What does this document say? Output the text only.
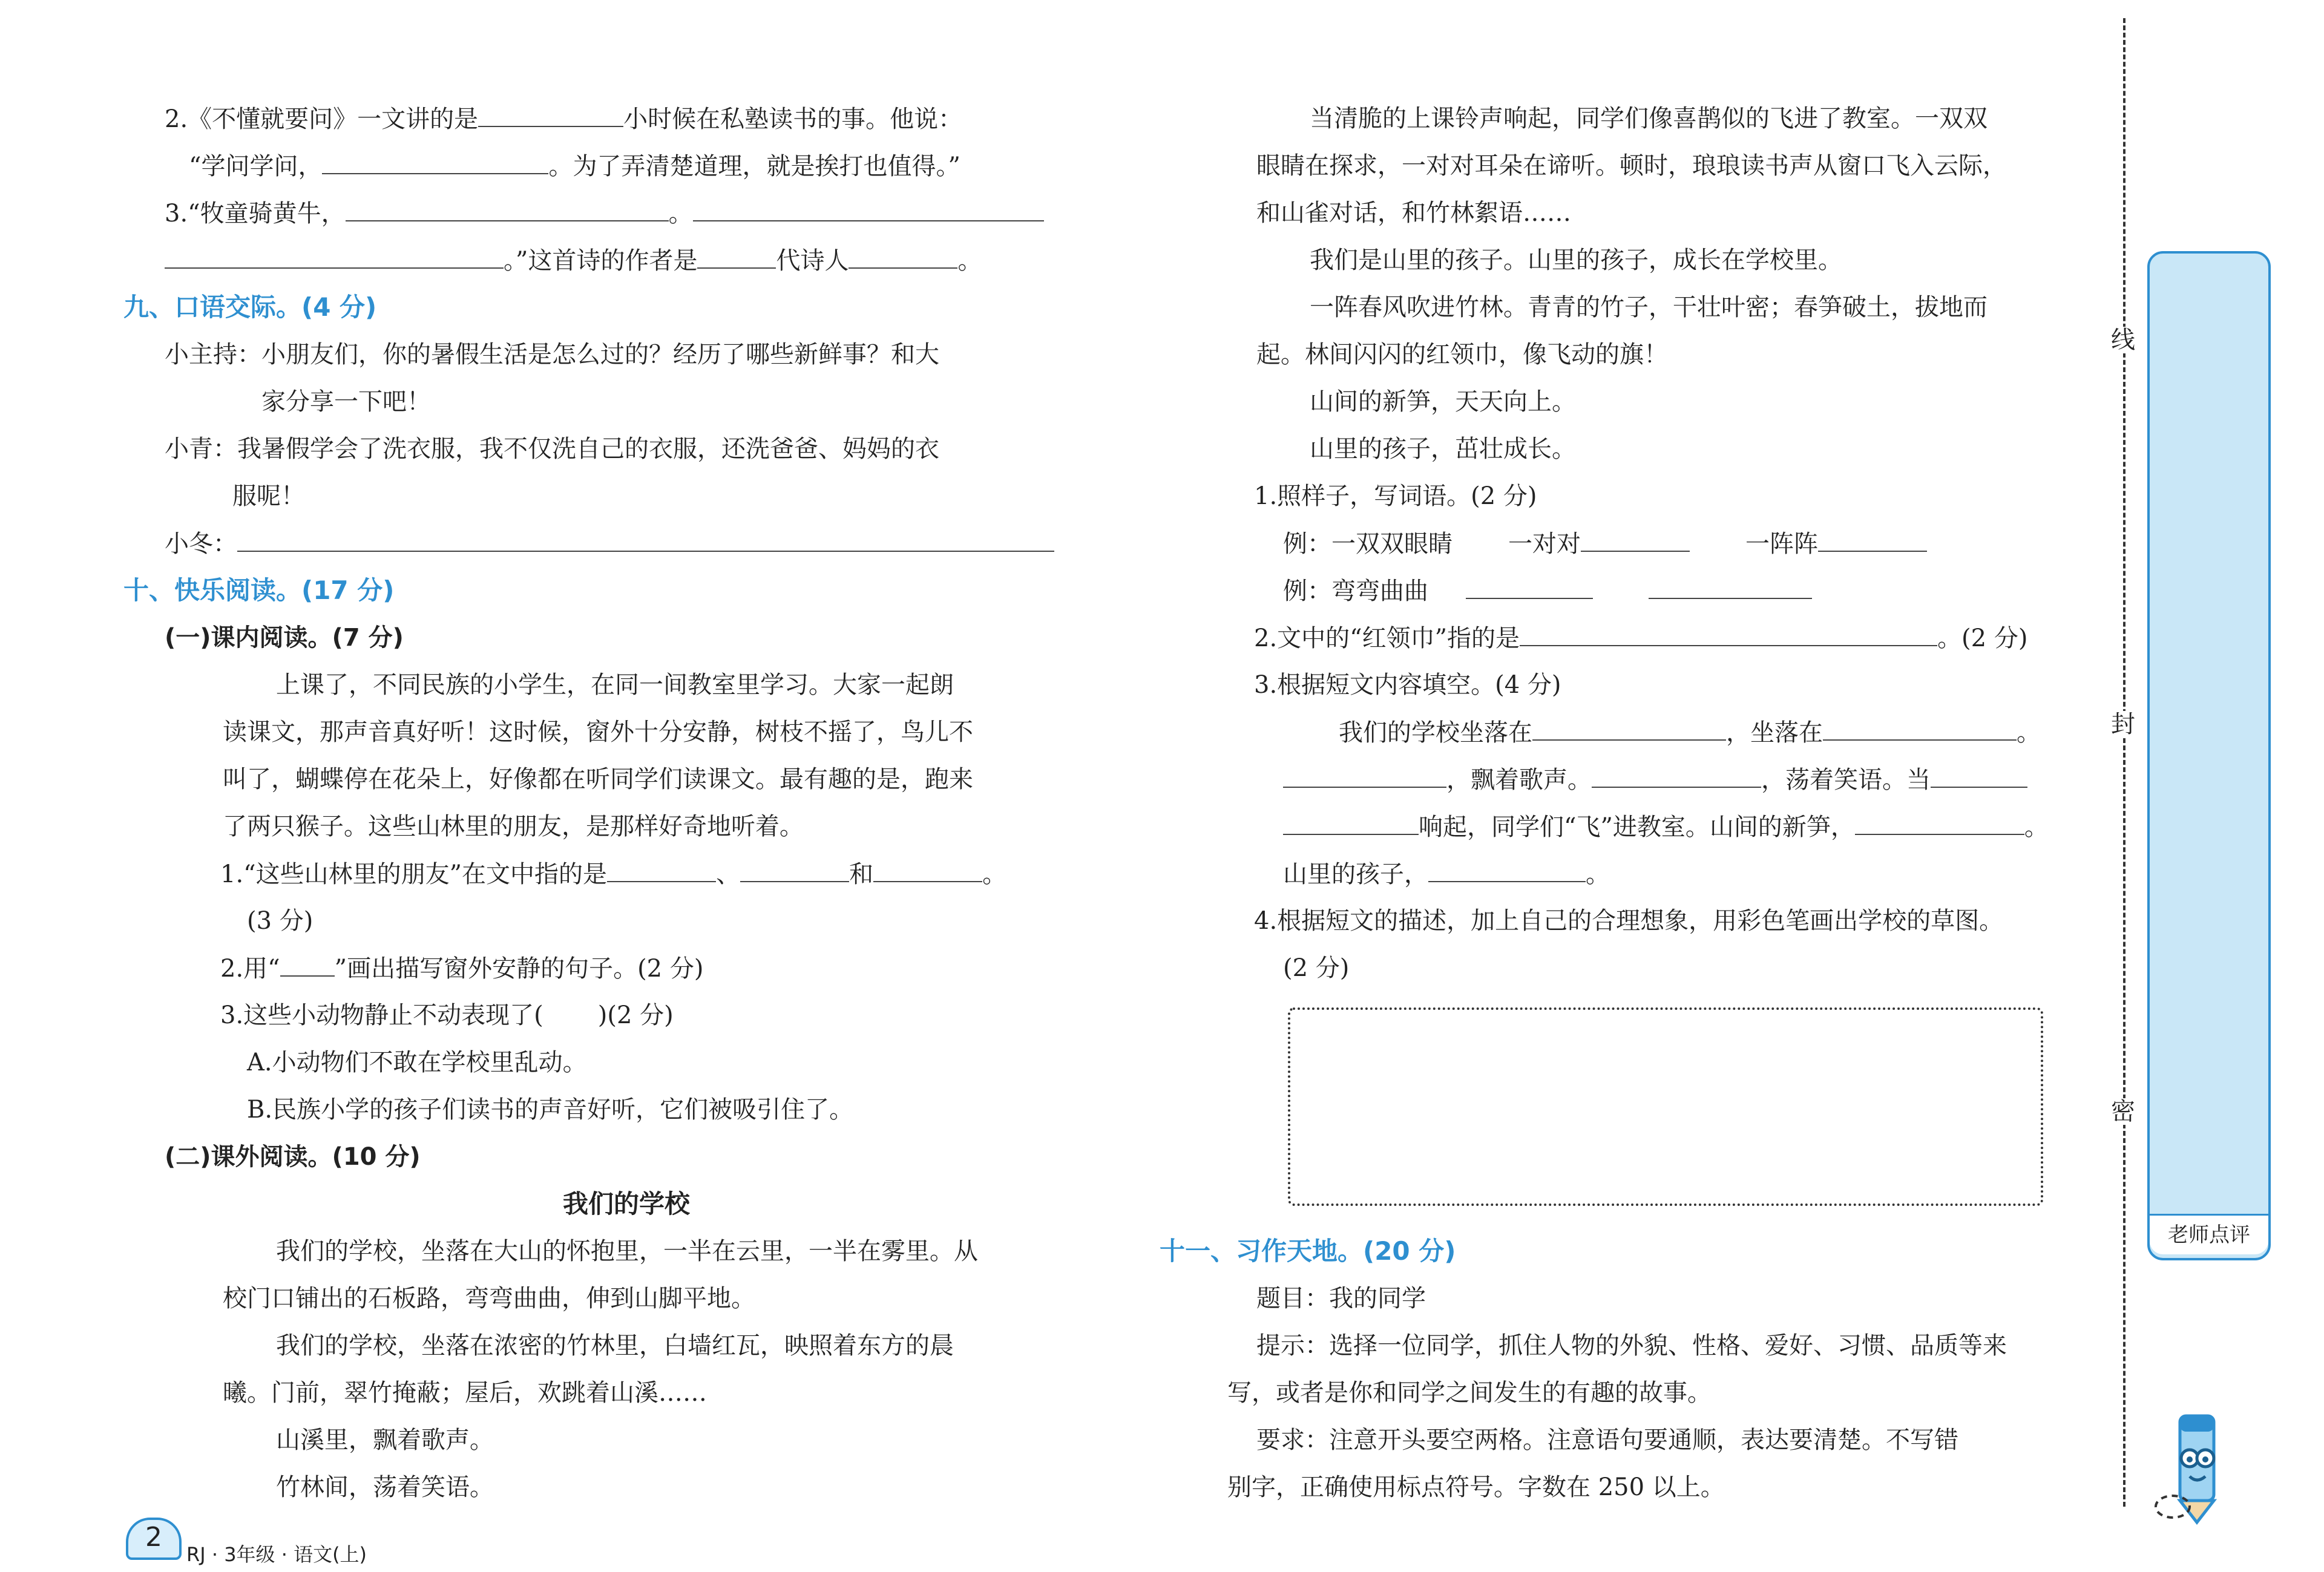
2.《不懂就要问》一文讲的是	小时候在私塾读书的事。他说：
“学问学问，	。为了弄清楚道理，就是挨打也值得。”
3.“牧童骑黄牛，	。
。”这首诗的作者是	代诗人	。
九、口语交际。(4 分)
小主持：小朋友们，你的暑假生活是怎么过的？经历了哪些新鲜事？和大
家分享一下吧！
小青：我暑假学会了洗衣服，我不仅洗自己的衣服，还洗爸爸、妈妈的衣
服呢！
小冬：
十、快乐阅读。(17 分)
(一)课内阅读。(7 分)
上课了，不同民族的小学生，在同一间教室里学习。大家一起朗
读课文，那声音真好听！这时候，窗外十分安静，树枝不摇了，鸟儿不
叫了，蝴蝶停在花朵上，好像都在听同学们读课文。最有趣的是，跑来
了两只猴子。这些山林里的朋友，是那样好奇地听着。
1.“这些山林里的朋友”在文中指的是	、	和	。
(3 分)
2.用“ ”画出描写窗外安静的句子。(2 分)
3.这些小动物静止不动表现了( )(2 分)
A.小动物们不敢在学校里乱动。
B.民族小学的孩子们读书的声音好听，它们被吸引住了。
(二)课外阅读。(10 分)
我们的学校
我们的学校，坐落在大山的怀抱里，一半在云里，一半在雾里。从
校门口铺出的石板路，弯弯曲曲，伸到山脚平地。
我们的学校，坐落在浓密的竹林里，白墙红瓦，映照着东方的晨
曦。门前，翠竹掩蔽；屋后，欢跳着山溪……
山溪里，飘着歌声。
竹林间，荡着笑语。
2
RJ · 3年级 · 语文(上)
当清脆的上课铃声响起，同学们像喜鹊似的飞进了教室。一双双
眼睛在探求，一对对耳朵在谛听。顿时，琅琅读书声从窗口飞入云际，
和山雀对话，和竹林絮语……
我们是山里的孩子。山里的孩子，成长在学校里。
一阵春风吹进竹林。青青的竹子，干壮叶密；春笋破土，拔地而
起。林间闪闪的红领巾，像飞动的旗！
山间的新笋，天天向上。
山里的孩子，茁壮成长。
1.照样子，写词语。(2 分)
例：一双双眼睛 一对对	一阵阵
例：弯弯曲曲
2.文中的“红领巾”指的是	。(2 分)
3.根据短文内容填空。(4 分)
我们的学校坐落在	，坐落在	。
，飘着歌声。	，荡着笑语。当
响起，同学们“飞”进教室。山间的新笋，	。
山里的孩子，	。
4.根据短文的描述，加上自己的合理想象，用彩色笔画出学校的草图。
(2 分)
十一、习作天地。(20 分)
题目：我的同学
提示：选择一位同学，抓住人物的外貌、性格、爱好、习惯、品质等来
写，或者是你和同学之间发生的有趣的故事。
要求：注意开头要空两格。注意语句要通顺，表达要清楚。不写错
别字，正确使用标点符号。字数在 250 以上。
线
封
密
老师点评
